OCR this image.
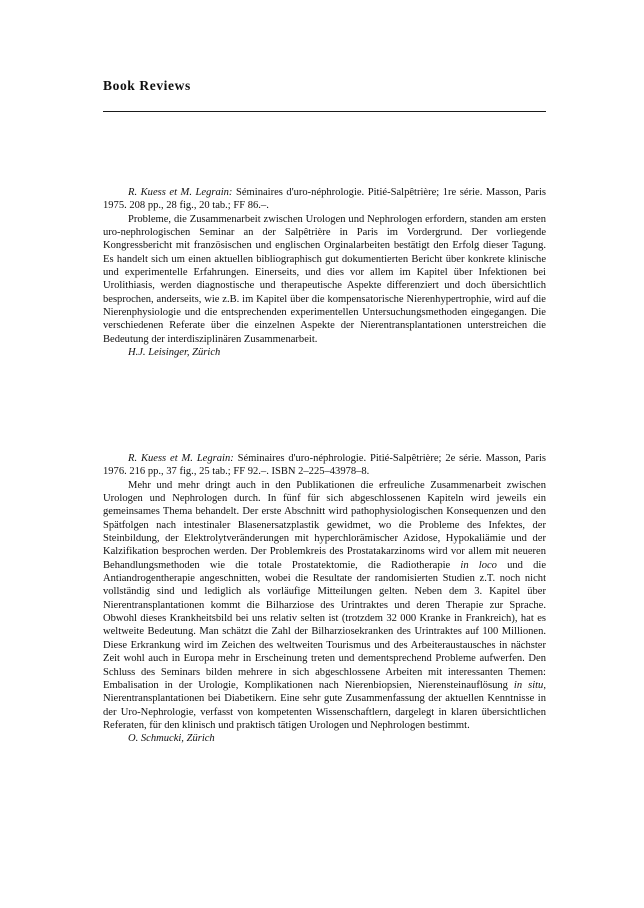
Book Reviews

R. Kuess et M. Legrain: Séminaires d'uro-néphrologie. Pitié-Salpêtrière; 1re série. Masson, Paris 1975. 208 pp., 28 fig., 20 tab.; FF 86.–.

Probleme, die Zusammenarbeit zwischen Urologen und Nephrologen erfordern, standen am ersten uro-nephrologischen Seminar an der Salpêtrière in Paris im Vordergrund. Der vorliegende Kongressbericht mit französischen und englischen Orginalarbeiten bestätigt den Erfolg dieser Tagung. Es handelt sich um einen aktuellen bibliographisch gut dokumentierten Bericht über konkrete klinische und experimentelle Erfahrungen. Einerseits, und dies vor allem im Kapitel über Infektionen bei Urolithiasis, werden diagnostische und therapeutische Aspekte differenziert und doch übersichtlich besprochen, anderseits, wie z.B. im Kapitel über die kompensatorische Nierenhypertrophie, wird auf die Nierenphysiologie und die entsprechenden experimentellen Untersuchungsmethoden eingegangen. Die verschiedenen Referate über die einzelnen Aspekte der Nierentransplantationen unterstreichen die Bedeutung der interdisziplinären Zusammenarbeit.

H.J. Leisinger, Zürich

R. Kuess et M. Legrain: Séminaires d'uro-néphrologie. Pitié-Salpêtrière; 2e série. Masson, Paris 1976. 216 pp., 37 fig., 25 tab.; FF 92.–. ISBN 2–225–43978–8.

Mehr und mehr dringt auch in den Publikationen die erfreuliche Zusammenarbeit zwischen Urologen und Nephrologen durch. In fünf für sich abgeschlossenen Kapiteln wird jeweils ein gemeinsames Thema behandelt. Der erste Abschnitt wird pathophysiologischen Konsequenzen und den Spätfolgen nach intestinaler Blasenersatzplastik gewidmet, wo die Probleme des Infektes, der Steinbildung, der Elektrolytveränderungen mit hyperchlorämischer Azidose, Hypokaliämie und der Kalzifikation besprochen werden. Der Problemkreis des Prostatakarzinoms wird vor allem mit neueren Behandlungsmethoden wie die totale Prostatektomie, die Radiotherapie in loco und die Antiandrogentherapie angeschnitten, wobei die Resultate der randomisierten Studien z.T. noch nicht vollständig sind und lediglich als vorläufige Mitteilungen gelten. Neben dem 3. Kapitel über Nierentransplantationen kommt die Bilharziose des Urintraktes und deren Therapie zur Sprache. Obwohl dieses Krankheitsbild bei uns relativ selten ist (trotzdem 32 000 Kranke in Frankreich), hat es weltweite Bedeutung. Man schätzt die Zahl der Bilharziosekranken des Urintraktes auf 100 Millionen. Diese Erkrankung wird im Zeichen des weltweiten Tourismus und des Arbeiteraustausches in nächster Zeit wohl auch in Europa mehr in Erscheinung treten und dementsprechend Probleme aufwerfen. Den Schluss des Seminars bilden mehrere in sich abgeschlossene Arbeiten mit interessanten Themen: Embalisation in der Urologie, Komplikationen nach Nierenbiopsien, Nierensteinauflösung in situ, Nierentransplantationen bei Diabetikern. Eine sehr gute Zusammenfassung der aktuellen Kenntnisse in der Uro-Nephrologie, verfasst von kompetenten Wissenschaftlern, dargelegt in klaren übersichtlichen Referaten, für den klinisch und praktisch tätigen Urologen und Nephrologen bestimmt.

O. Schmucki, Zürich
